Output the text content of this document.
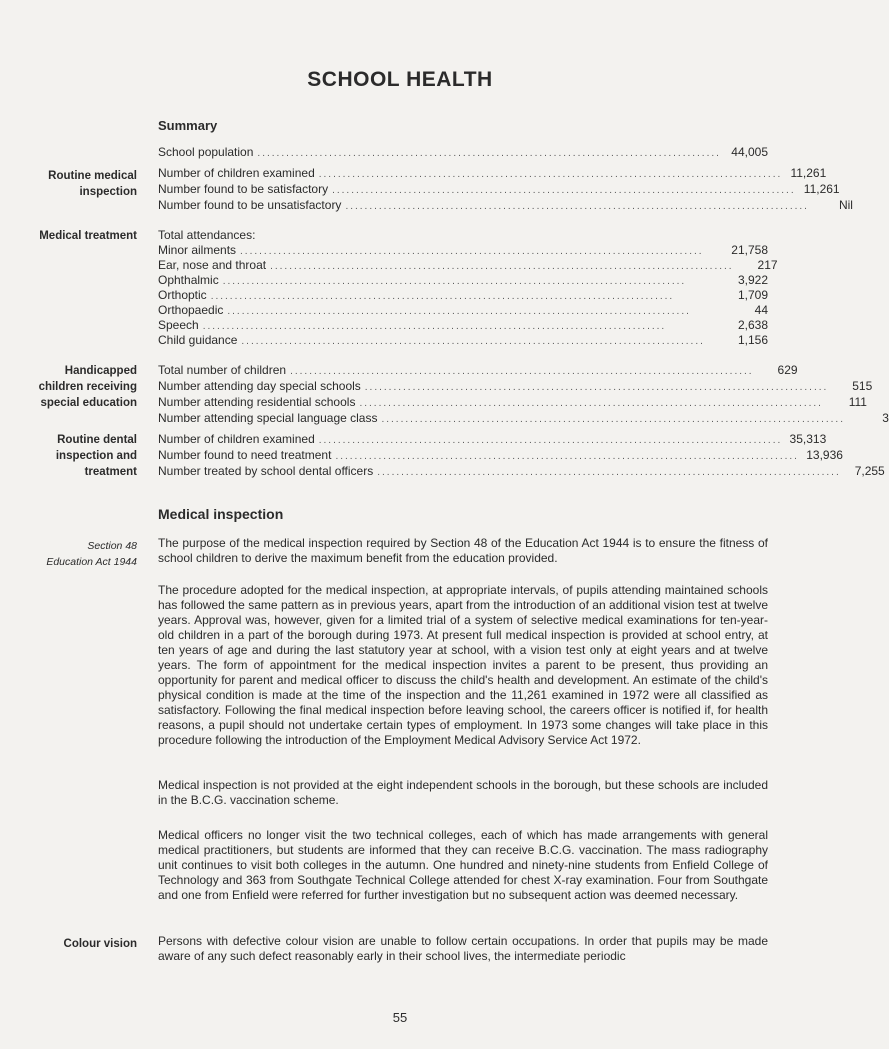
SCHOOL HEALTH
Summary
School population ................................................................................................. 44,005
Routine medical
inspection
Number of children examined ................................................................................................. 11,261
Number found to be satisfactory ................................................................................................. 11,261
Number found to be unsatisfactory .................................................................................................	Nil
Medical treatment Total attendances:
Minor ailments .................................................................................................	21,758
Ear, nose and throat .................................................................................................	217
Ophthalmic .................................................................................................	3,922
Orthoptic .................................................................................................	1,709
Orthopaedic .................................................................................................	44
Speech .................................................................................................	2,638
Child guidance .................................................................................................	1,156
Handicapped
children receiving
special education
Total number of children .................................................................................................	629
Number attending day special schools .................................................................................................	515
Number attending residential schools .................................................................................................	111
Number attending special language class .................................................................................................	3
Routine dental
inspection and
treatment
Number of children examined ................................................................................................. 35,313
Number found to need treatment ................................................................................................. 13,936
Number treated by school dental officers .................................................................................................	7,255
Medical inspection
Section 48
Education Act 1944

The purpose of the medical inspection required by Section 48 of the Education Act 1944 is to ensure the fitness of school children to derive the maximum benefit from the education provided.

The procedure adopted for the medical inspection, at appropriate intervals, of pupils attending maintained schools has followed the same pattern as in previous years, apart from the introduction of an additional vision test at twelve years. Approval was, however, given for a limited trial of a system of selective medical examinations for ten-year-old children in a part of the borough during 1973. At present full medical inspection is provided at school entry, at ten years of age and during the last statutory year at school, with a vision test only at eight years and at twelve years. The form of appointment for the medical inspection invites a parent to be present, thus providing an opportunity for parent and medical officer to discuss the child's health and development. An estimate of the child's physical condition is made at the time of the inspection and the 11,261 examined in 1972 were all classified as satisfactory. Following the final medical inspection before leaving school, the careers officer is notified if, for health reasons, a pupil should not undertake certain types of employment. In 1973 some changes will take place in this procedure following the introduction of the Employment Medical Advisory Service Act 1972.

Medical inspection is not provided at the eight independent schools in the borough, but these schools are included in the B.C.G. vaccination scheme.

Medical officers no longer visit the two technical colleges, each of which has made arrangements with general medical practitioners, but students are informed that they can receive B.C.G. vaccination. The mass radiography unit continues to visit both colleges in the autumn. One hundred and ninety-nine students from Enfield College of Technology and 363 from Southgate Technical College attended for chest X-ray examination. Four from Southgate and one from Enfield were referred for further investigation but no subsequent action was deemed necessary.

Colour vision Persons with defective colour vision are unable to follow certain occupations. In order that pupils may be made aware of any such defect reasonably early in their school lives, the intermediate periodic

55
